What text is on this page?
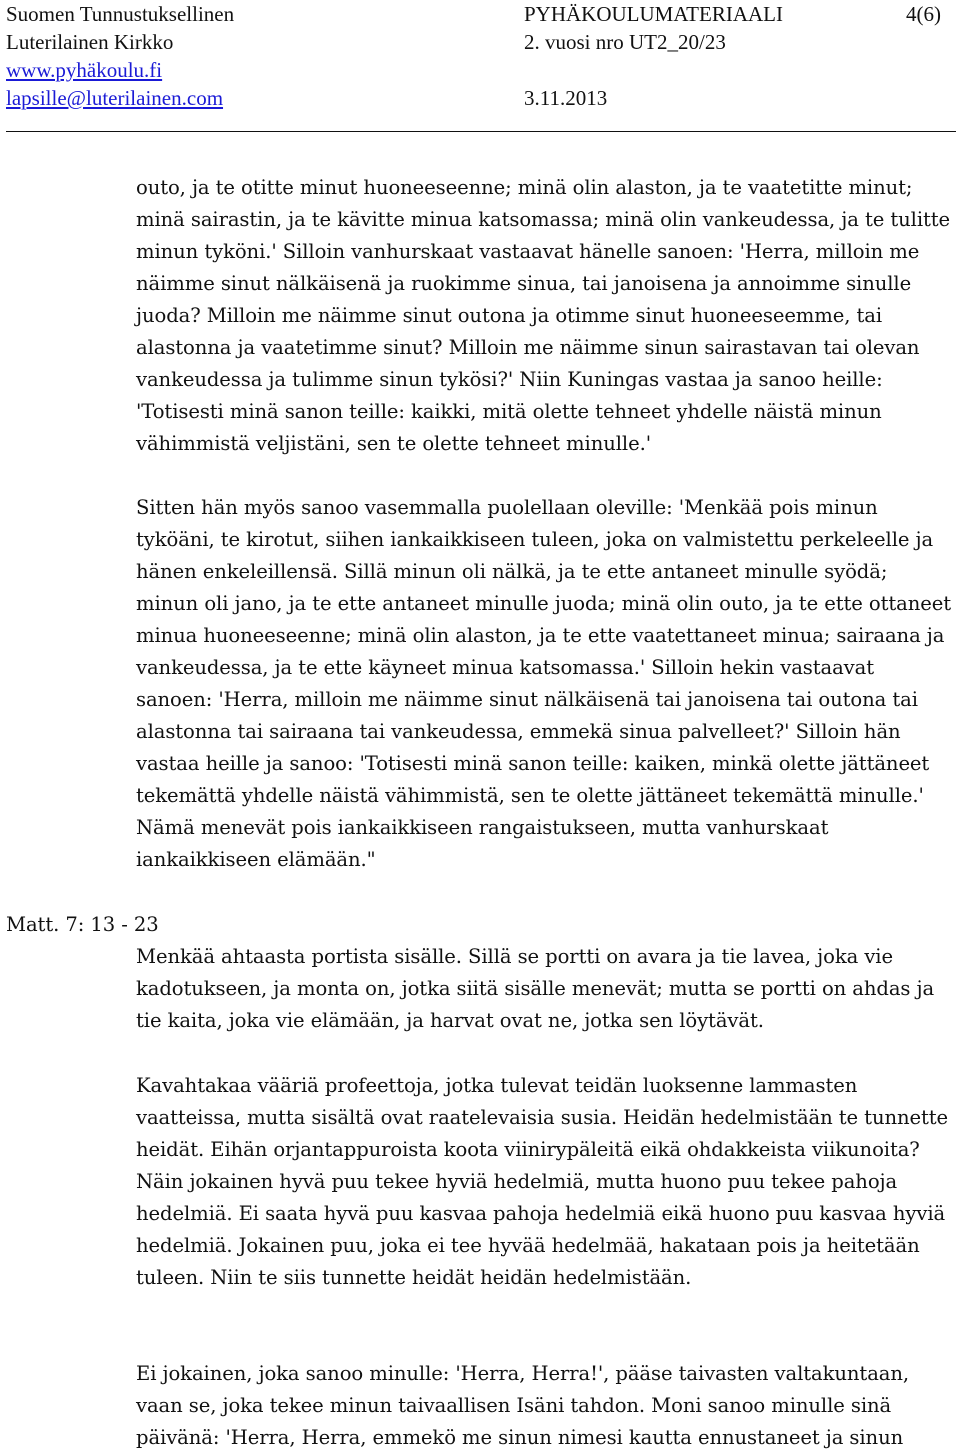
Suomen Tunnustuksellinen	PYHÄKOULUMATERIAALI	4(6)
Luterilainen Kirkko	2. vuosi nro UT2_20/23
www.pyhäkoulu.fi
lapsille@luterilainen.com	3.11.2013

outo, ja te otitte minut huoneeseenne; minä olin alaston, ja te vaatetitte minut; minä sairastin, ja te kävitte minua katsomassa; minä olin vankeudessa, ja te tulitte minun tyköni.' Silloin vanhurskaat vastaavat hänelle sanoen: 'Herra, milloin me näimme sinut nälkäisenä ja ruokimme sinua, tai janoisena ja annoimme sinulle juoda? Milloin me näimme sinut outona ja otimme sinut huoneeseemme, tai alastonna ja vaatetimme sinut? Milloin me näimme sinun sairastavan tai olevan vankeudessa ja tulimme sinun tykösi?' Niin Kuningas vastaa ja sanoo heille: 'Totisesti minä sanon teille: kaikki, mitä olette tehneet yhdelle näistä minun vähimmistä veljistäni, sen te olette tehneet minulle.'

Sitten hän myös sanoo vasemmalla puolellaan oleville: 'Menkää pois minun tyköäni, te kirotut, siihen iankaikkiseen tuleen, joka on valmistettu perkeleelle ja hänen enkeleillensä. Sillä minun oli nälkä, ja te ette antaneet minulle syödä; minun oli jano, ja te ette antaneet minulle juoda; minä olin outo, ja te ette ottaneet minua huoneeseenne; minä olin alaston, ja te ette vaatettaneet minua; sairaana ja vankeudessa, ja te ette käyneet minua katsomassa.' Silloin hekin vastaavat sanoen: 'Herra, milloin me näimme sinut nälkäisenä tai janoisena tai outona tai alastonna tai sairaana tai vankeudessa, emmekä sinua palvelleet?' Silloin hän vastaa heille ja sanoo: 'Totisesti minä sanon teille: kaiken, minkä olette jättäneet tekemättä yhdelle näistä vähimmistä, sen te olette jättäneet tekemättä minulle.' Nämä menevät pois iankaikkiseen rangaistukseen, mutta vanhurskaat iankaikkiseen elämään."

Matt. 7: 13 - 23

Menkää ahtaasta portista sisälle. Sillä se portti on avara ja tie lavea, joka vie kadotukseen, ja monta on, jotka siitä sisälle menevät; mutta se portti on ahdas ja tie kaita, joka vie elämään, ja harvat ovat ne, jotka sen löytävät.

Kavahtakaa vääriä profeettoja, jotka tulevat teidän luoksenne lammasten vaatteissa, mutta sisältä ovat raatelevaisia susia. Heidän hedelmistään te tunnette heidät. Eihän orjantappuroista koota viinirypäleitä eikä ohdakkeista viikunoita? Näin jokainen hyvä puu tekee hyviä hedelmiä, mutta huono puu tekee pahoja hedelmiä. Ei saata hyvä puu kasvaa pahoja hedelmiä eikä huono puu kasvaa hyviä hedelmiä. Jokainen puu, joka ei tee hyvää hedelmää, hakataan pois ja heitetään tuleen. Niin te siis tunnette heidät heidän hedelmistään.

Ei jokainen, joka sanoo minulle: 'Herra, Herra!', pääse taivasten valtakuntaan, vaan se, joka tekee minun taivaallisen Isäni tahdon. Moni sanoo minulle sinä päivänä: 'Herra, Herra, emmekö me sinun nimesi kautta ennustaneet ja sinun
